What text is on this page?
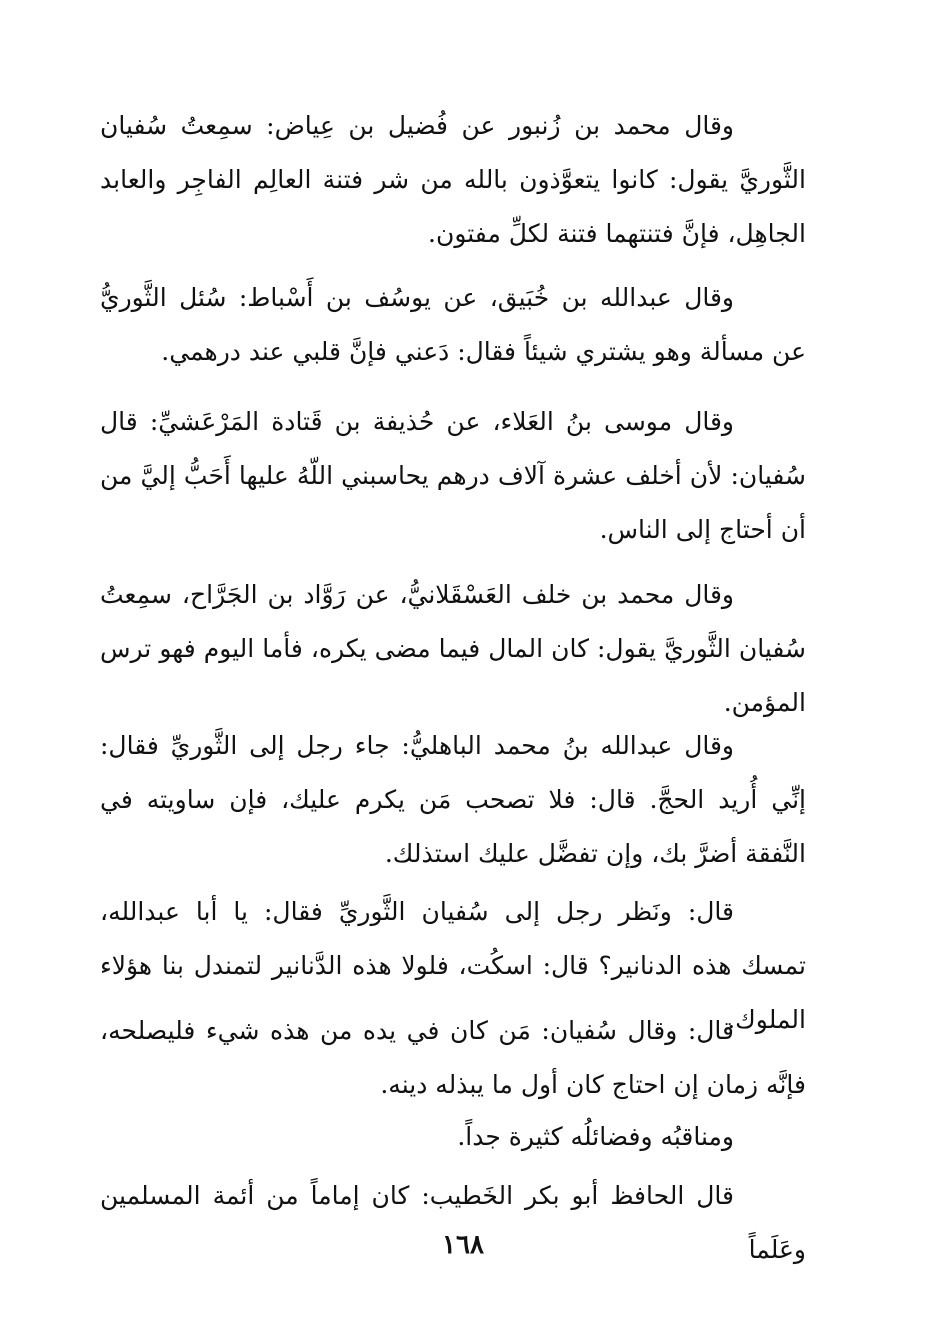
وقال محمد بن زُنبور عن فُضيل بن عِياض: سمِعتُ سُفيان الثَّوريَّ يقول: كانوا يتعوَّذون بالله من شر فتنة العالِم الفاجِر والعابد الجاهِل، فإنَّ فتنتهما فتنة لكلِّ مفتون.

وقال عبدالله بن خُبَيق، عن يوسُف بن أَسْباط: سُئل الثَّوريُّ عن مسألة وهو يشتري شيئاً فقال: دَعني فإنَّ قلبي عند درهمي.

وقال موسى بنُ العَلاء، عن حُذيفة بن قَتادة المَرْعَشيِّ: قال سُفيان: لأن أخلف عشرة آلاف درهم يحاسبني اللّهُ عليها أَحَبُّ إليَّ من أن أحتاج إلى الناس.

وقال محمد بن خلف العَسْقَلانيُّ، عن رَوَّاد بن الجَرَّاح، سمِعتُ سُفيان الثَّوريَّ يقول: كان المال فيما مضى يكره، فأما اليوم فهو ترس المؤمن.

وقال عبدالله بنُ محمد الباهليُّ: جاء رجل إلى الثَّوريِّ فقال: إنِّي أُريد الحجَّ. قال: فلا تصحب مَن يكرم عليك، فإن ساويته في النَّفقة أضرَّ بك، وإن تفضَّل عليك استذلك.

قال: ونَظر رجل إلى سُفيان الثَّوريِّ فقال: يا أبا عبدالله، تمسك هذه الدنانير؟ قال: اسكُت، فلولا هذه الدَّنانير لتمندل بنا هؤلاء الملوك.

قال: وقال سُفيان: مَن كان في يده من هذه شيء فليصلحه، فإنَّه زمان إن احتاج كان أول ما يبذله دينه.

ومناقبُه وفضائلُه كثيرة جداً.

قال الحافظ أبو بكر الخَطيب: كان إماماً من أئمة المسلمين وعَلَماً

١٦٨
